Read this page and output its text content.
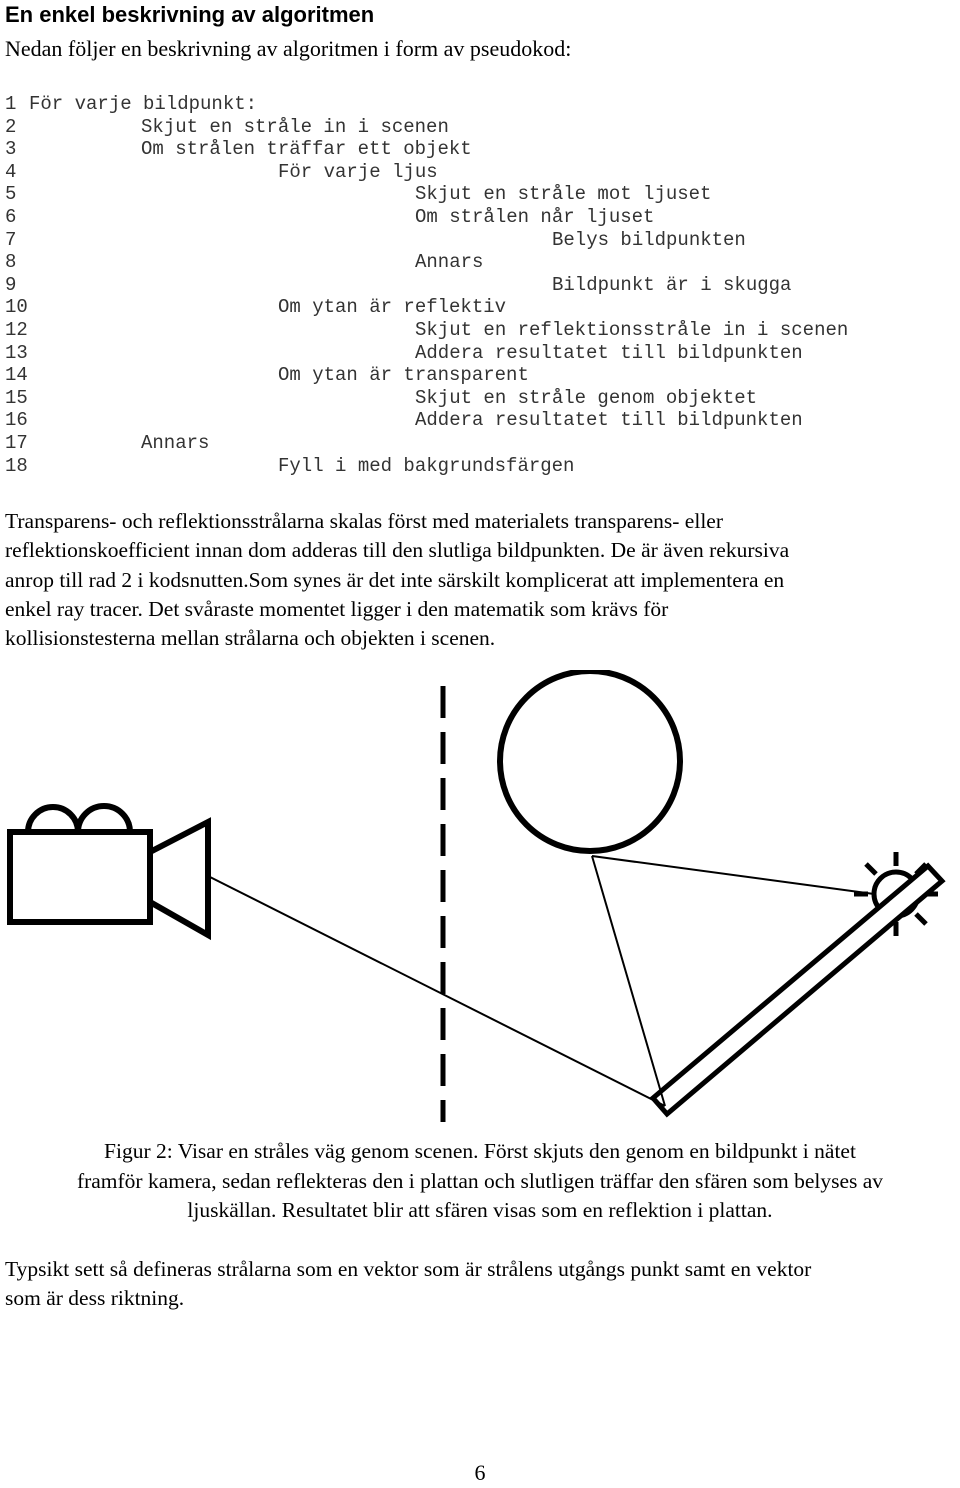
En enkel beskrivning av algoritmen
Nedan följer en beskrivning av algoritmen i form av pseudokod:
1 För varje bildpunkt:
2	Skjut en stråle in i scenen
3	Om strålen träffar ett objekt
4	För varje ljus
5	Skjut en stråle mot ljuset
6	Om strålen når ljuset
7	Belys bildpunkten
8	Annars
9	Bildpunkt är i skugga
10	Om ytan är reflektiv
12	Skjut en reflektionsstråle in i scenen
13	Addera resultatet till bildpunkten
14	Om ytan är transparent
15	Skjut en stråle genom objektet
16	Addera resultatet till bildpunkten
17	Annars
18	Fyll i med bakgrundsfärgen
Transparens- och reflektionsstrålarna skalas först med materialets transparens- eller
reflektionskoefficient innan dom adderas till den slutliga bildpunkten. De är även rekursiva
anrop till rad 2 i kodsnutten.Som synes är det inte särskilt komplicerat att implementera en
enkel ray tracer. Det svåraste momentet ligger i den matematik som krävs för
kollisionstesterna mellan strålarna och objekten i scenen.
Figur 2: Visar en stråles väg genom scenen. Först skjuts den genom en bildpunkt i nätet
framför kamera, sedan reflekteras den i plattan och slutligen träffar den sfären som belyses av
ljuskällan. Resultatet blir att sfären visas som en reflektion i plattan.
Typsikt sett så defineras strålarna som en vektor som är strålens utgångs punkt samt en vektor
som är dess riktning.
6
